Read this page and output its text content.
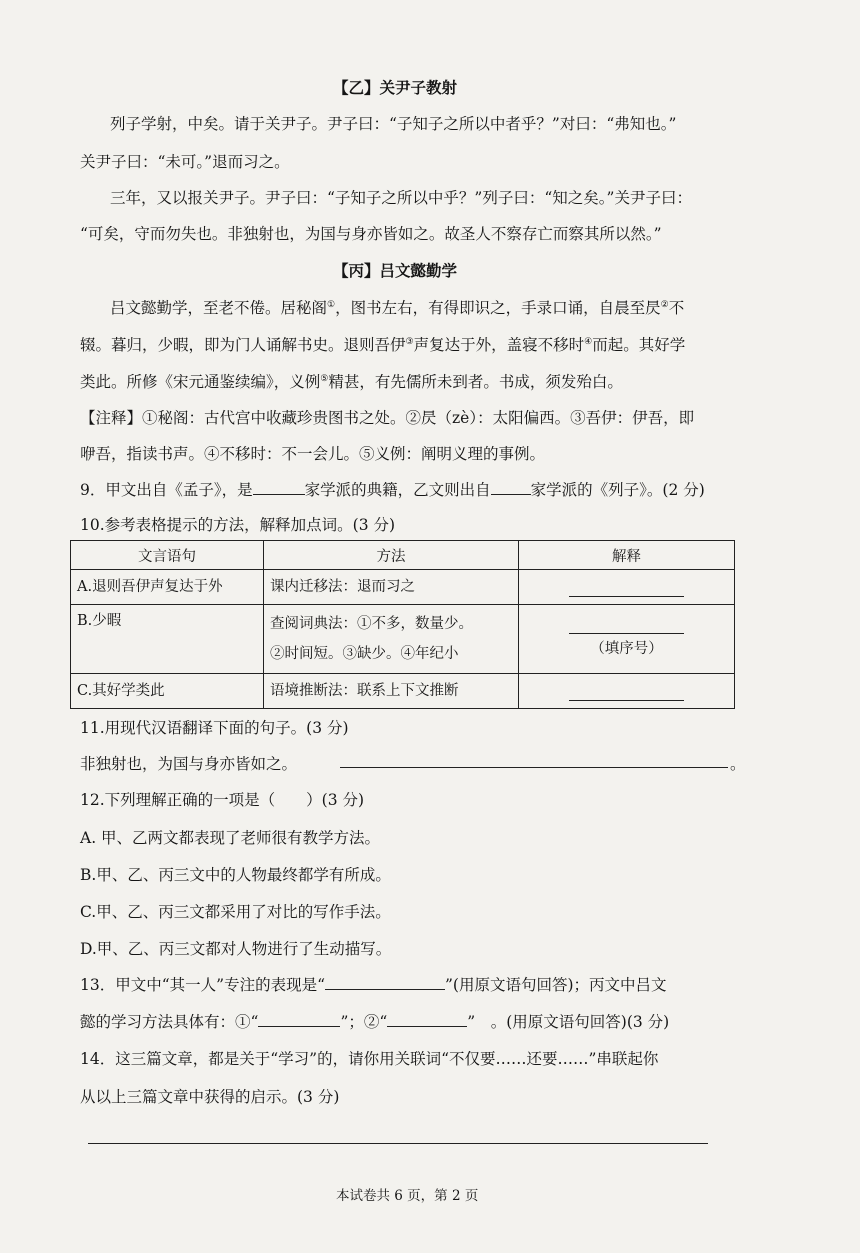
【乙】关尹子教射
列子学射，中矣。请于关尹子。尹子曰：“子知子之所以中者乎？”对曰：“弗知也。”
关尹子曰：“未可。”退而习之。
三年，又以报关尹子。尹子曰：“子知子之所以中乎？”列子曰：“知之矣。”关尹子曰：
“可矣，守而勿失也。非独射也，为国与身亦皆如之。故圣人不察存亡而察其所以然。”
【丙】吕文懿勤学
吕文懿勤学，至老不倦。居秘阁①，图书左右，有得即识之，手录口诵，自晨至昃②不
辍。暮归，少暇，即为门人诵解书史。退则吾伊③声复达于外，盖寝不移时④而起。其好学
类此。所修《宋元通鉴续编》，义例⑤精甚，有先儒所未到者。书成，须发殆白。
【注释】①秘阁：古代宫中收藏珍贵图书之处。②昃（zè）：太阳偏西。③吾伊：伊吾，即
咿吾，指读书声。④不移时：不一会儿。⑤义例：阐明义理的事例。
9．甲文出自《孟子》，是	家学派的典籍，乙文则出自	家学派的《列子》。(2 分)
10.参考表格提示的方法，解释加点词。(3 分)
文言语句	方法	解释
A.退则吾伊声复达于外	课内迁移法：退而习之	

B.少暇	查阅词典法：①不多，数量少。
②时间短。③缺少。④年纪小	（填序号）

C.其好学类此	语境推断法：联系上下文推断	
11.用现代汉语翻译下面的句子。(3 分)
非独射也，为国与身亦皆如之。	。
12.下列理解正确的一项是（　　）(3 分)
A. 甲、乙两文都表现了老师很有教学方法。
B.甲、乙、丙三文中的人物最终都学有所成。
C.甲、乙、丙三文都采用了对比的写作手法。
D.甲、乙、丙三文都对人物进行了生动描写。
13．甲文中“其一人”专注的表现是“	”(用原文语句回答)；丙文中吕文
懿的学习方法具体有：①“	”；②“	”　。(用原文语句回答)(3 分)
14．这三篇文章，都是关于“学习”的，请你用关联词“不仅要……还要……”串联起你
从以上三篇文章中获得的启示。(3 分)
本试卷共 6 页，第 2 页
